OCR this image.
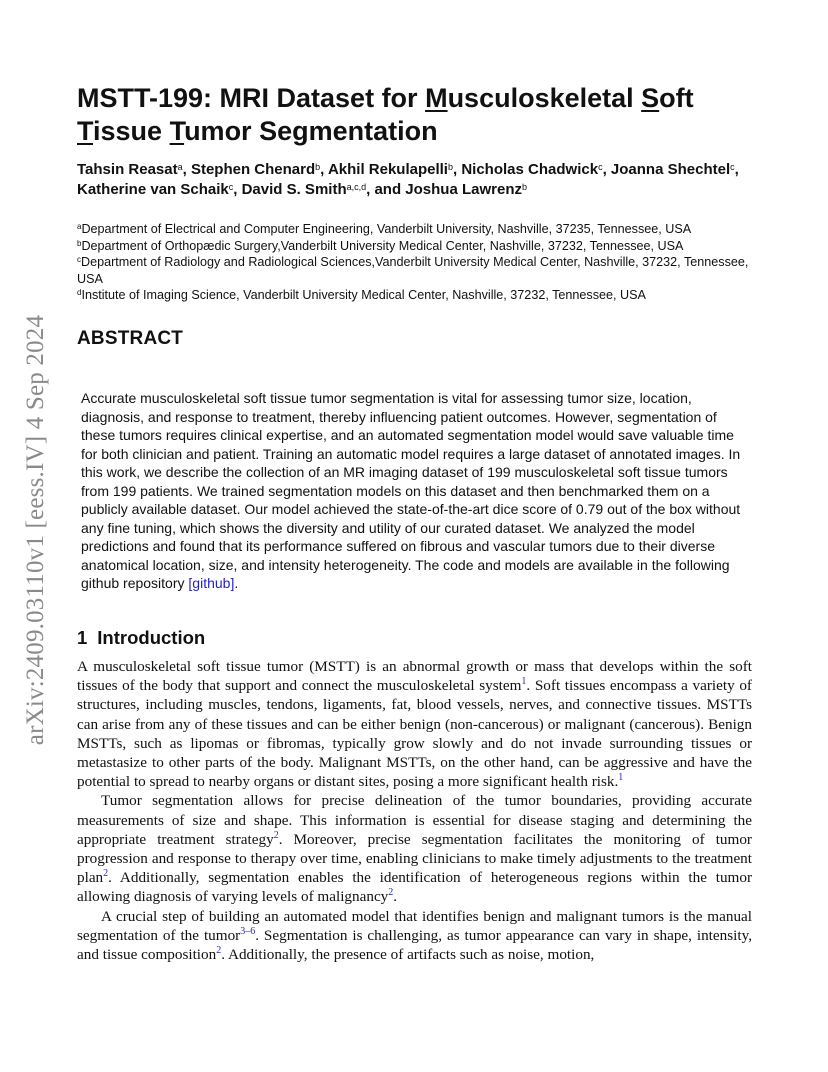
arXiv:2409.03110v1 [eess.IV] 4 Sep 2024
MSTT-199: MRI Dataset for Musculoskeletal Soft
Tissue Tumor Segmentation
Tahsin Reasat$^a$, Stephen Chenard$^b$, Akhil Rekulapelli$^b$, Nicholas Chadwick$^c$, Joanna Shechtel$^c$, Katherine van Schaik$^c$, David S. Smith$^{a,c,d}$, and Joshua Lawrenz$^b$

$^a$Department of Electrical and Computer Engineering, Vanderbilt University, Nashville, 37235, Tennessee, USA

$^b$Department of Orthopædic Surgery,Vanderbilt University Medical Center, Nashville, 37232, Tennessee, USA

$^c$Department of Radiology and Radiological Sciences,Vanderbilt University Medical Center, Nashville, 37232, Tennessee, USA

$^d$Institute of Imaging Science, Vanderbilt University Medical Center, Nashville, 37232, Tennessee, USA

ABSTRACT

Accurate musculoskeletal soft tissue tumor segmentation is vital for assessing tumor size, location, diagnosis, and response to treatment, thereby influencing patient outcomes. However, segmentation of these tumors requires clinical expertise, and an automated segmentation model would save valuable time for both clinician and patient. Training an automatic model requires a large dataset of annotated images. In this work, we describe the collection of an MR imaging dataset of 199 musculoskeletal soft tissue tumors from 199 patients. We trained segmentation models on this dataset and then benchmarked them on a publicly available dataset. Our model achieved the state-of-the-art dice score of 0.79 out of the box without any fine tuning, which shows the diversity and utility of our curated dataset. We analyzed the model predictions and found that its performance suffered on fibrous and vascular tumors due to their diverse anatomical location, size, and intensity heterogeneity. The code and models are available in the following github repository [github].

1 Introduction

A musculoskeletal soft tissue tumor (MSTT) is an abnormal growth or mass that develops within the soft tissues of the body that support and connect the musculoskeletal system$^1$. Soft tissues encompass a variety of structures, including muscles, tendons, ligaments, fat, blood vessels, nerves, and connective tissues. MSTTs can arise from any of these tissues and can be either benign (non-cancerous) or malignant (cancerous). Benign MSTTs, such as lipomas or fibromas, typically grow slowly and do not invade surrounding tissues or metastasize to other parts of the body. Malignant MSTTs, on the other hand, can be aggressive and have the potential to spread to nearby organs or distant sites, posing a more significant health risk.$^1$

Tumor segmentation allows for precise delineation of the tumor boundaries, providing accurate measurements of size and shape. This information is essential for disease staging and determining the appropriate treatment strategy$^2$. Moreover, precise segmentation facilitates the monitoring of tumor progression and response to therapy over time, enabling clinicians to make timely adjustments to the treatment plan$^2$. Additionally, segmentation enables the identification of heterogeneous regions within the tumor allowing diagnosis of varying levels of malignancy$^2$.

A crucial step of building an automated model that identifies benign and malignant tumors is the manual segmentation of the tumor$^{3-6}$. Segmentation is challenging, as tumor appearance can vary in shape, intensity, and tissue composition$^2$. Additionally, the presence of artifacts such as noise, motion,
